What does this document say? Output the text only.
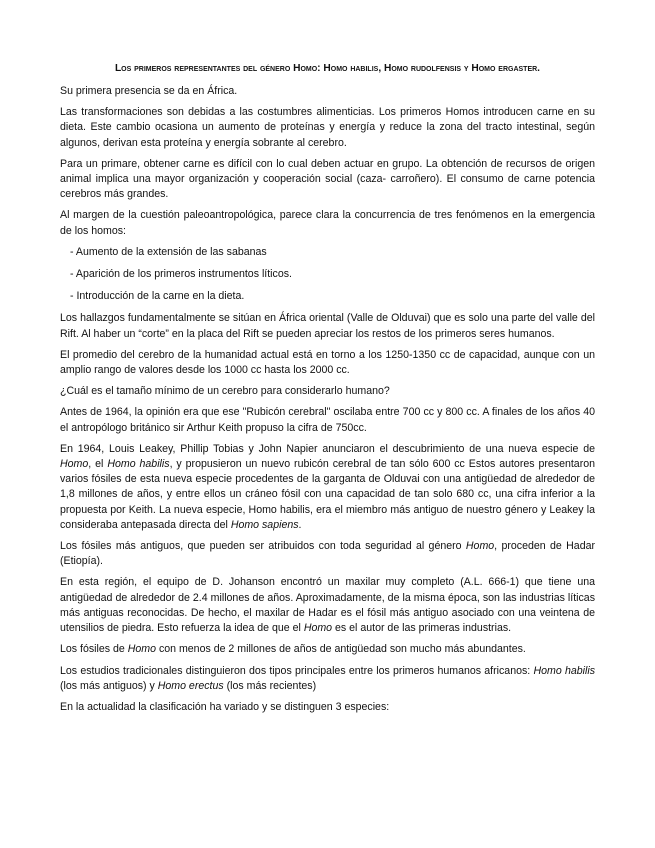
Los primeros representantes del género Homo: Homo habilis, Homo rudolfensis y Homo ergaster.

Su primera presencia se da en África.

Las transformaciones son debidas a las costumbres alimenticias. Los primeros Homos introducen carne en su dieta. Este cambio ocasiona un aumento de proteínas y energía y reduce la zona del tracto intestinal, según algunos, derivan esta proteína y energía sobrante al cerebro.

Para un primare, obtener carne es difícil con lo cual deben actuar en grupo. La obtención de recursos de origen animal implica una mayor organización y cooperación social (caza- carroñero). El consumo de carne potencia cerebros más grandes.

Al margen de la cuestión paleoantropológica, parece clara la concurrencia de tres fenómenos en la emergencia de los homos:

- Aumento de la extensión de las sabanas
- Aparición de los primeros instrumentos líticos.
- Introducción de la carne en la dieta.

Los hallazgos fundamentalmente se sitúan en África oriental (Valle de Olduvai) que es solo una parte del valle del Rift. Al haber un “corte” en la placa del Rift se pueden apreciar los restos de los primeros seres humanos.

El promedio del cerebro de la humanidad actual está en torno a los 1250-1350 cc de capacidad, aunque con un amplio rango de valores desde los 1000 cc hasta los 2000 cc.

¿Cuál es el tamaño mínimo de un cerebro para considerarlo humano?

Antes de 1964, la opinión era que ese "Rubicón cerebral" oscilaba entre 700 cc y 800 cc. A finales de los años 40 el antropólogo británico sir Arthur Keith propuso la cifra de 750cc.

En 1964, Louis Leakey, Phillip Tobias y John Napier anunciaron el descubrimiento de una nueva especie de Homo, el Homo habilis, y propusieron un nuevo rubicón cerebral de tan sólo 600 cc Estos autores presentaron varios fósiles de esta nueva especie procedentes de la garganta de Olduvai con una antigüedad de alrededor de 1,8 millones de años, y entre ellos un cráneo fósil con una capacidad de tan solo 680 cc, una cifra inferior a la propuesta por Keith. La nueva especie, Homo habilis, era el miembro más antiguo de nuestro género y Leakey la consideraba antepasada directa del Homo sapiens.

Los fósiles más antiguos, que pueden ser atribuidos con toda seguridad al género Homo, proceden de Hadar (Etiopía).

En esta región, el equipo de D. Johanson encontró un maxilar muy completo (A.L. 666-1) que tiene una antigüedad de alrededor de 2.4 millones de años. Aproximadamente, de la misma época, son las industrias líticas más antiguas reconocidas. De hecho, el maxilar de Hadar es el fósil más antiguo asociado con una veintena de utensilios de piedra. Esto refuerza la idea de que el Homo es el autor de las primeras industrias.

Los fósiles de Homo con menos de 2 millones de años de antigüedad son mucho más abundantes.

Los estudios tradicionales distinguieron dos tipos principales entre los primeros humanos africanos: Homo habilis (los más antiguos) y Homo erectus (los más recientes)

En la actualidad la clasificación ha variado y se distinguen 3 especies:
